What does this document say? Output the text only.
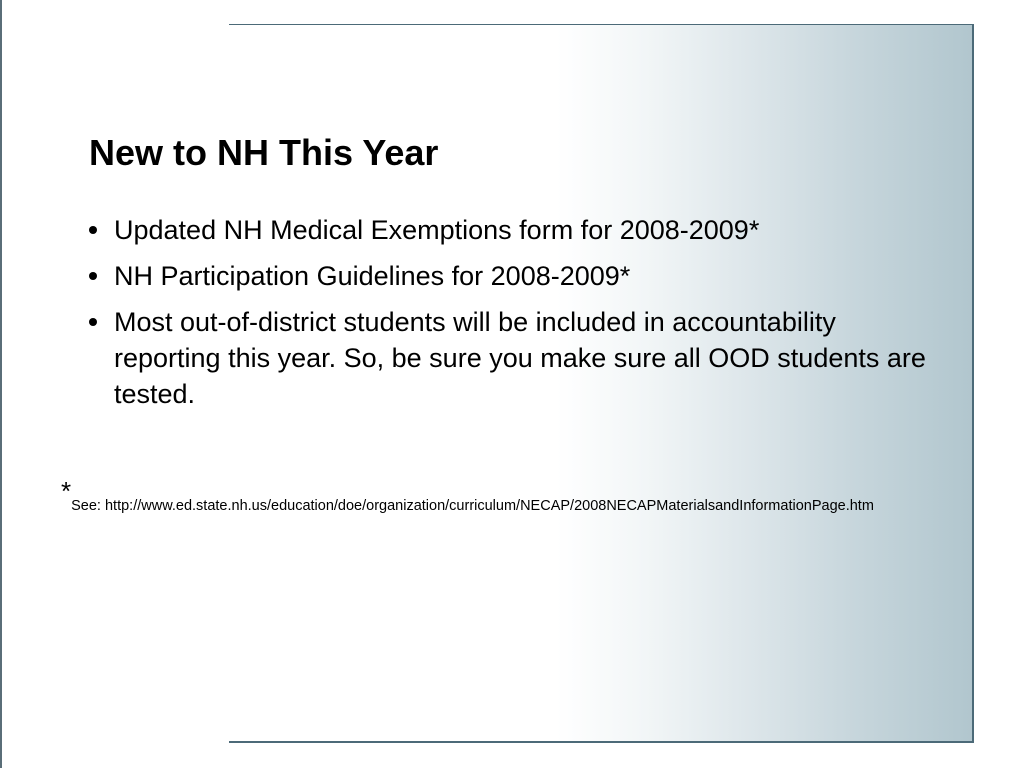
New to NH This Year
Updated NH Medical Exemptions form for 2008-2009*
NH Participation Guidelines for 2008-2009*
Most out-of-district students will be included in accountability reporting this year. So, be sure you make sure all OOD students are tested.
*See: http://www.ed.state.nh.us/education/doe/organization/curriculum/NECAP/2008NECAPMaterialsandInformationPage.htm
